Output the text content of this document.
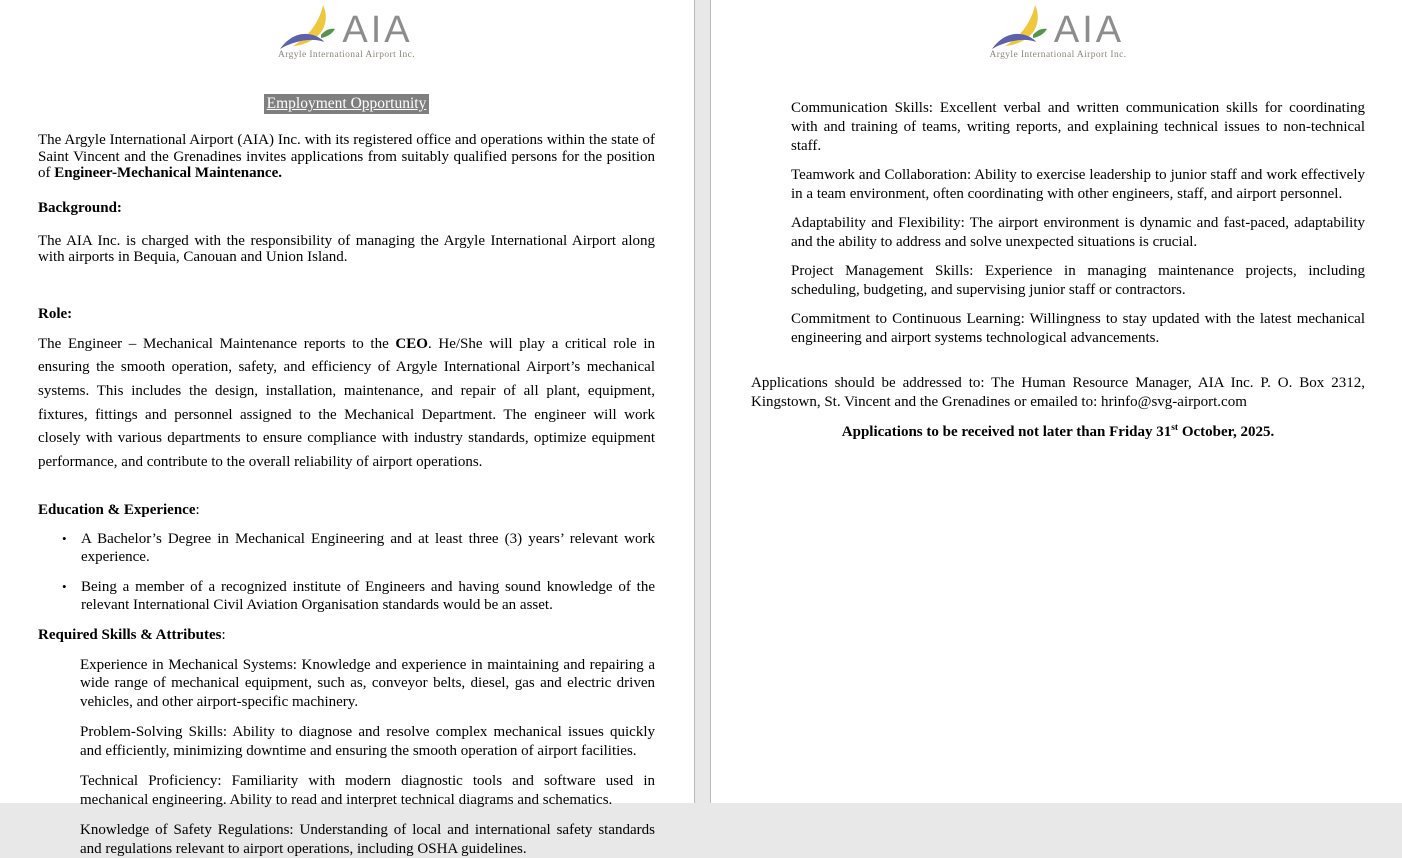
AIA
Argyle International Airport Inc.
Employment Opportunity

The Argyle International Airport (AIA) Inc. with its registered office and operations within the state of Saint Vincent and the Grenadines invites applications from suitably qualified persons for the position of Engineer-Mechanical Maintenance.

Background:

The AIA Inc. is charged with the responsibility of managing the Argyle International Airport along with airports in Bequia, Canouan and Union Island.

Role:

The Engineer – Mechanical Maintenance reports to the CEO. He/She will play a critical role in ensuring the smooth operation, safety, and efficiency of Argyle International Airport’s mechanical systems. This includes the design, installation, maintenance, and repair of all plant, equipment, fixtures, fittings and personnel assigned to the Mechanical Department. The engineer will work closely with various departments to ensure compliance with industry standards, optimize equipment performance, and contribute to the overall reliability of airport operations.

Education & Experience:

• A Bachelor’s Degree in Mechanical Engineering and at least three (3) years’ relevant work experience.
• Being a member of a recognized institute of Engineers and having sound knowledge of the relevant International Civil Aviation Organisation standards would be an asset.

Required Skills & Attributes:

Experience in Mechanical Systems: Knowledge and experience in maintaining and repairing a wide range of mechanical equipment, such as, conveyor belts, diesel, gas and electric driven vehicles, and other airport-specific machinery.

Problem-Solving Skills: Ability to diagnose and resolve complex mechanical issues quickly and efficiently, minimizing downtime and ensuring the smooth operation of airport facilities.

Technical Proficiency: Familiarity with modern diagnostic tools and software used in mechanical engineering. Ability to read and interpret technical diagrams and schematics.

Knowledge of Safety Regulations: Understanding of local and international safety standards and regulations relevant to airport operations, including OSHA guidelines.

AIA
Argyle International Airport Inc.

Communication Skills: Excellent verbal and written communication skills for coordinating with and training of teams, writing reports, and explaining technical issues to non-technical staff.

Teamwork and Collaboration: Ability to exercise leadership to junior staff and work effectively in a team environment, often coordinating with other engineers, staff, and airport personnel.

Adaptability and Flexibility: The airport environment is dynamic and fast-paced, adaptability and the ability to address and solve unexpected situations is crucial.

Project Management Skills: Experience in managing maintenance projects, including scheduling, budgeting, and supervising junior staff or contractors.

Commitment to Continuous Learning: Willingness to stay updated with the latest mechanical engineering and airport systems technological advancements.

Applications should be addressed to: The Human Resource Manager, AIA Inc. P. O. Box 2312, Kingstown, St. Vincent and the Grenadines or emailed to: hrinfo@svg-airport.com

Applications to be received not later than Friday 31st October, 2025.
